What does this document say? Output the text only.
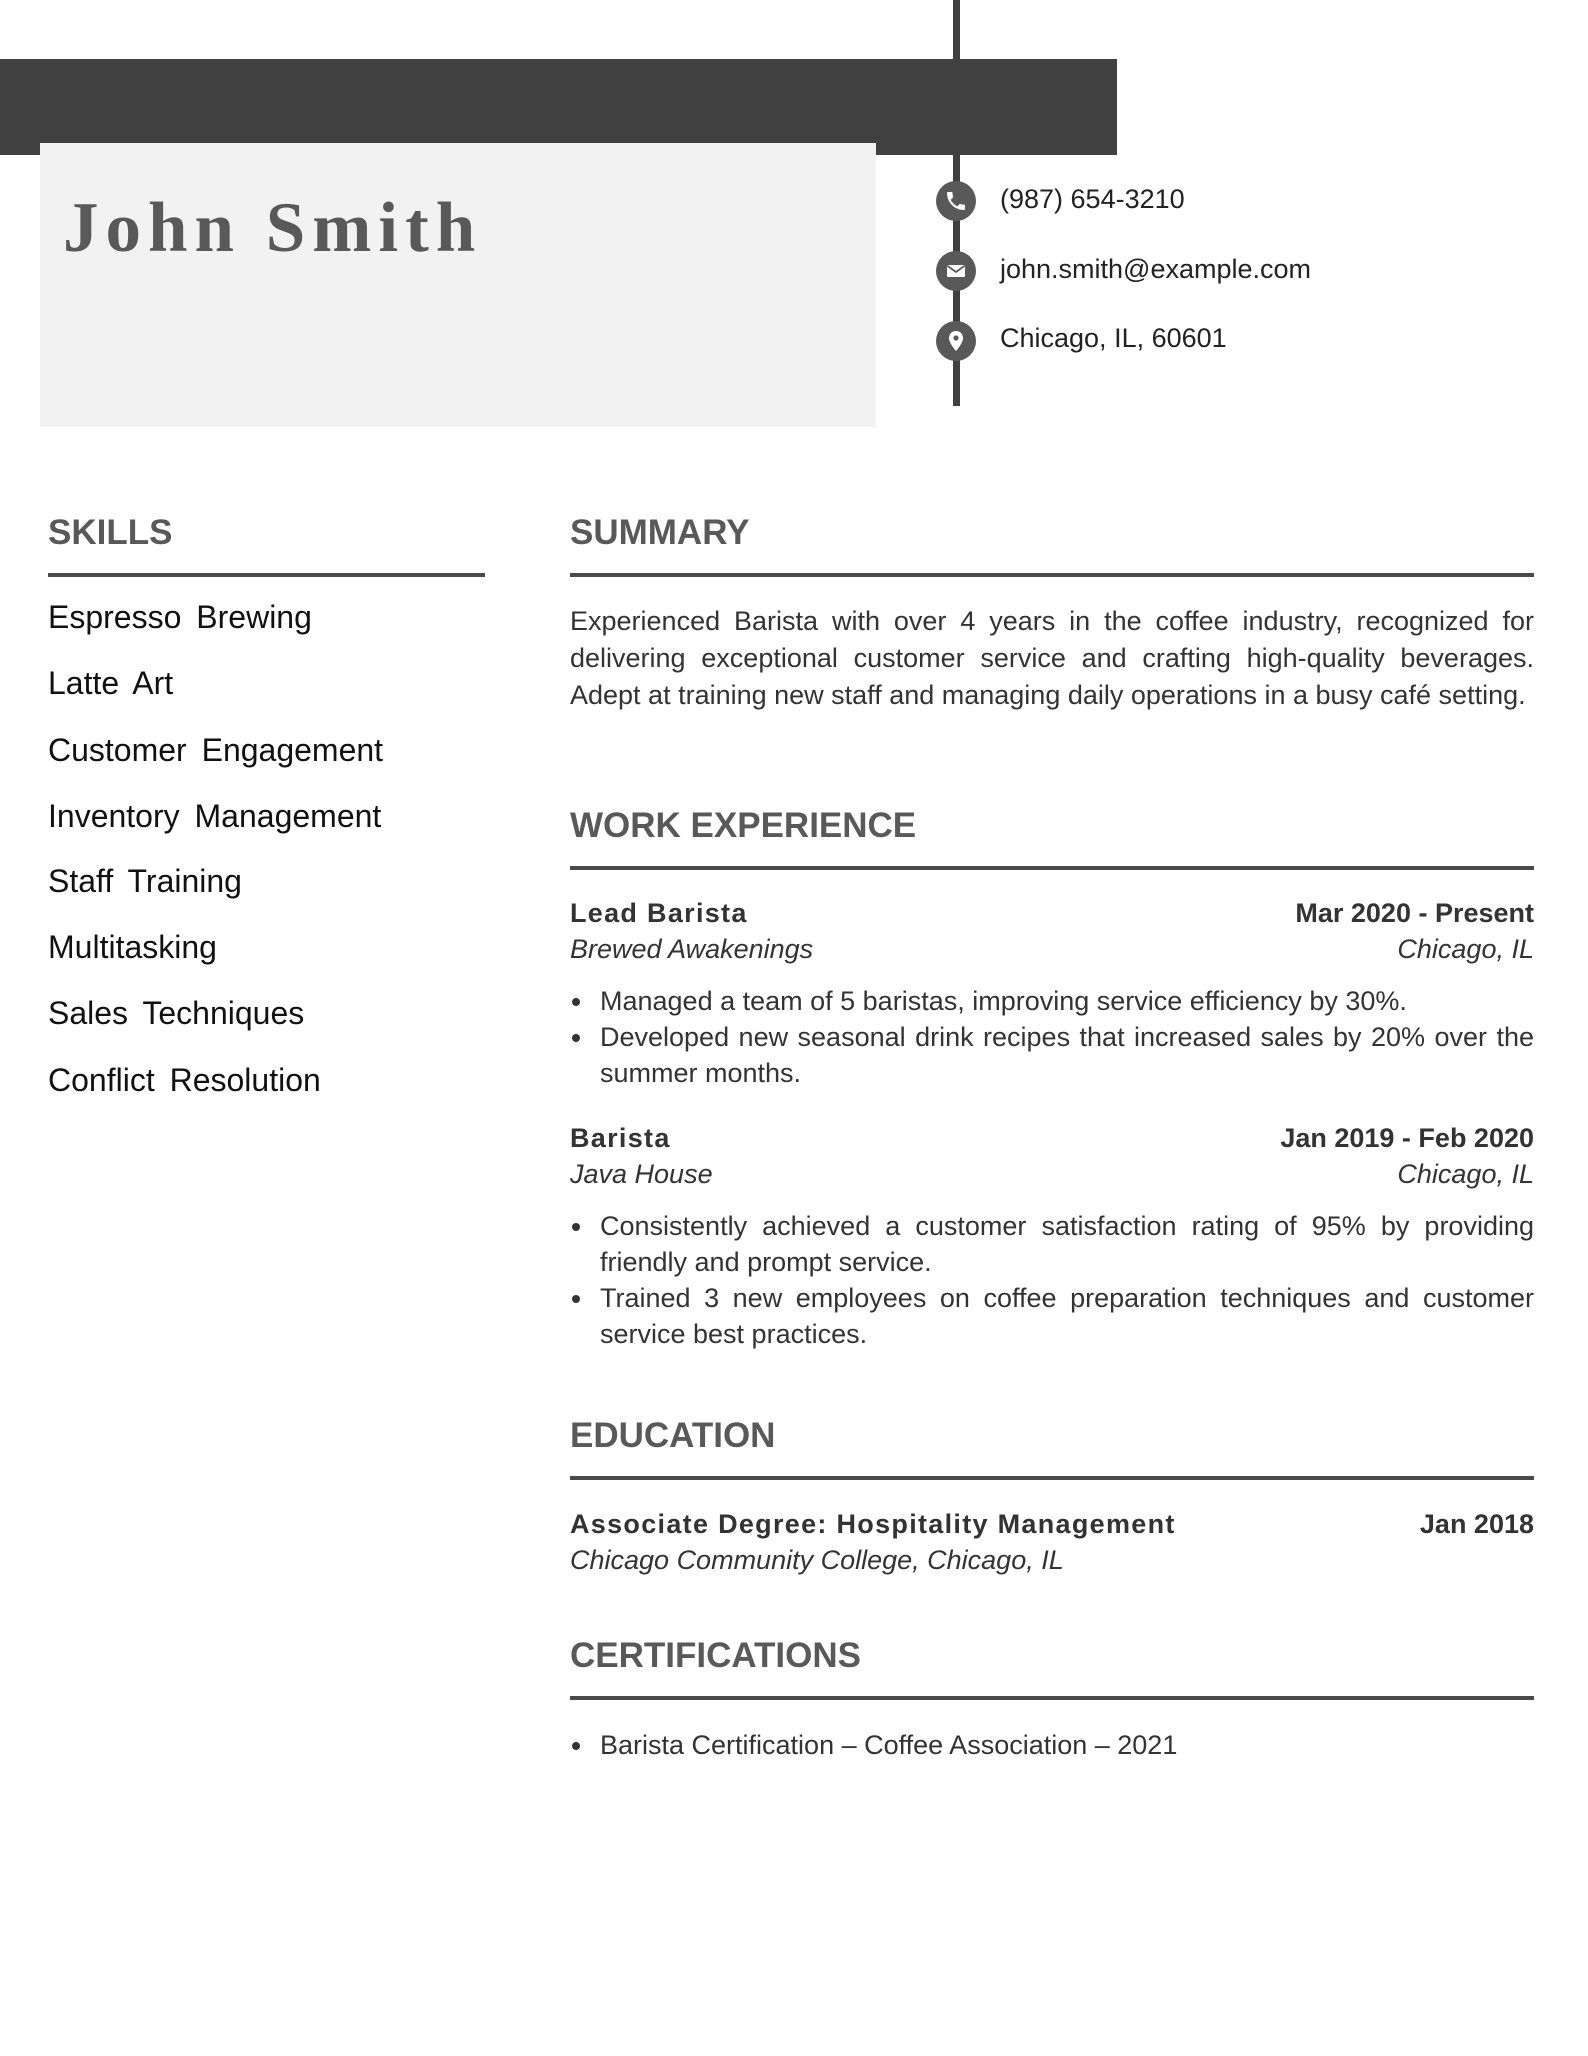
John Smith	(987) 654-3210
john.smith@example.com
Chicago, IL, 60601
SKILLS
Espresso Brewing
Latte Art
Customer Engagement
Inventory Management
Staff Training
Multitasking
Sales Techniques
Conflict Resolution
SUMMARY

Experienced Barista with over 4 years in the coffee industry, recognized for delivering exceptional customer service and crafting high-quality beverages. Adept at training new staff and managing daily operations in a busy café setting.

WORK EXPERIENCE
Lead Barista	Mar 2020 - Present
Brewed Awakenings	Chicago, IL
Managed a team of 5 baristas, improving service efficiency by 30%.
Developed new seasonal drink recipes that increased sales by 20% over the summer months.
Barista	Jan 2019 - Feb 2020
Java House	Chicago, IL
Consistently achieved a customer satisfaction rating of 95% by providing friendly and prompt service.
Trained 3 new employees on coffee preparation techniques and customer service best practices.
EDUCATION
Associate Degree: Hospitality Management	Jan 2018
Chicago Community College, Chicago, IL
CERTIFICATIONS
Barista Certification – Coffee Association – 2021
